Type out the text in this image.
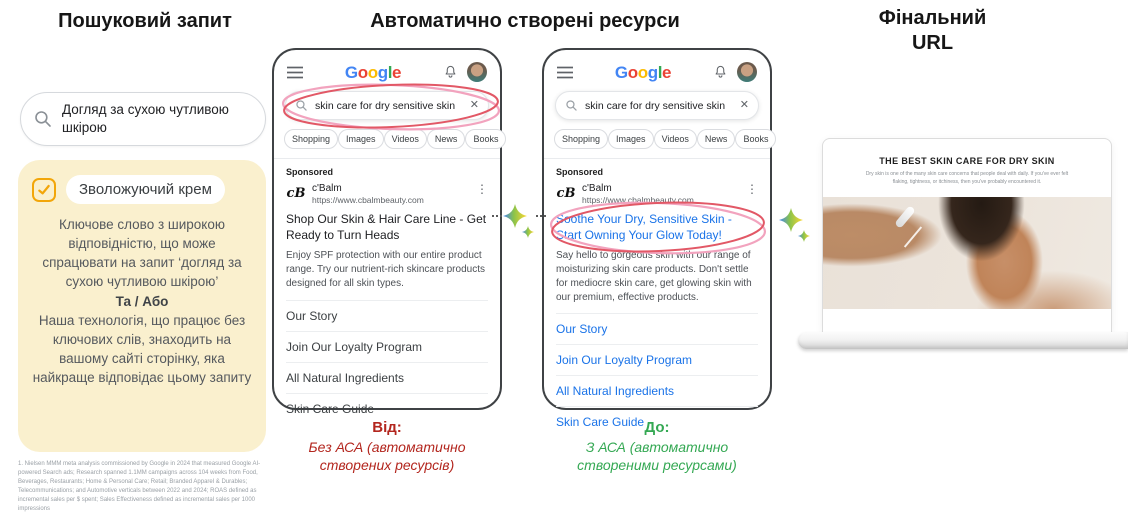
Пошуковий запит	Автоматично створені ресурси	Фінальний
URL
Догляд за сухою чутливою шкірою
Зволожуючий крем
Ключове слово з широкою відповідністю, що може спрацювати на запит ‘догляд за сухою чутливою шкірою’
Та / Або
Наша технологія, що працює без ключових слів, знаходить на вашому сайті сторінку, яка найкраще відповідає цьому запиту
1. Nielsen MMM meta analysis commissioned by Google in 2024 that measured Google AI-powered Search ads; Research spanned 1.1MM campaigns across 104 weeks from Food, Beverages, Restaurants; Home & Personal Care; Retail; Branded Apparel & Durables; Telecommunications; and Automotive verticals between 2022 and 2024; ROAS defined as incremental sales per $ spent; Sales Effectiveness defined as incremental sales per 1000 impressions
Google
skin care for dry sensitive skin	✕
Shopping	Images	Videos	News	Books
Sponsored
cB c'Balm
https://www.cbalmbeauty.com
⋮
Shop Our Skin & Hair Care Line - Get Ready to Turn Heads
Enjoy SPF protection with our entire product range. Try our nutrient-rich skincare products designed for all skin types.
Our Story
Join Our Loyalty Program
All Natural Ingredients
Skin Care Guide
Від:
Без АСА (автоматично
створених ресурсів)
Google
skin care for dry sensitive skin	✕
Shopping	Images	Videos	News	Books
Sponsored
cB c'Balm
https://www.cbalmbeauty.com
⋮
Soothe Your Dry, Sensitive Skin - Start Owning Your Glow Today!
Say hello to gorgeous skin with our range of moisturizing skin care products. Don't settle for mediocre skin care, get glowing skin with our premium, effective products.
Our Story
Join Our Loyalty Program
All Natural Ingredients
Skin Care Guide До:
З АСА (автоматично
створеними ресурсами)
THE BEST SKIN CARE FOR DRY SKIN
Dry skin is one of the many skin care concerns that people deal with daily. If you've ever felt flaking, tightness, or itchiness, then you've probably encountered it.
